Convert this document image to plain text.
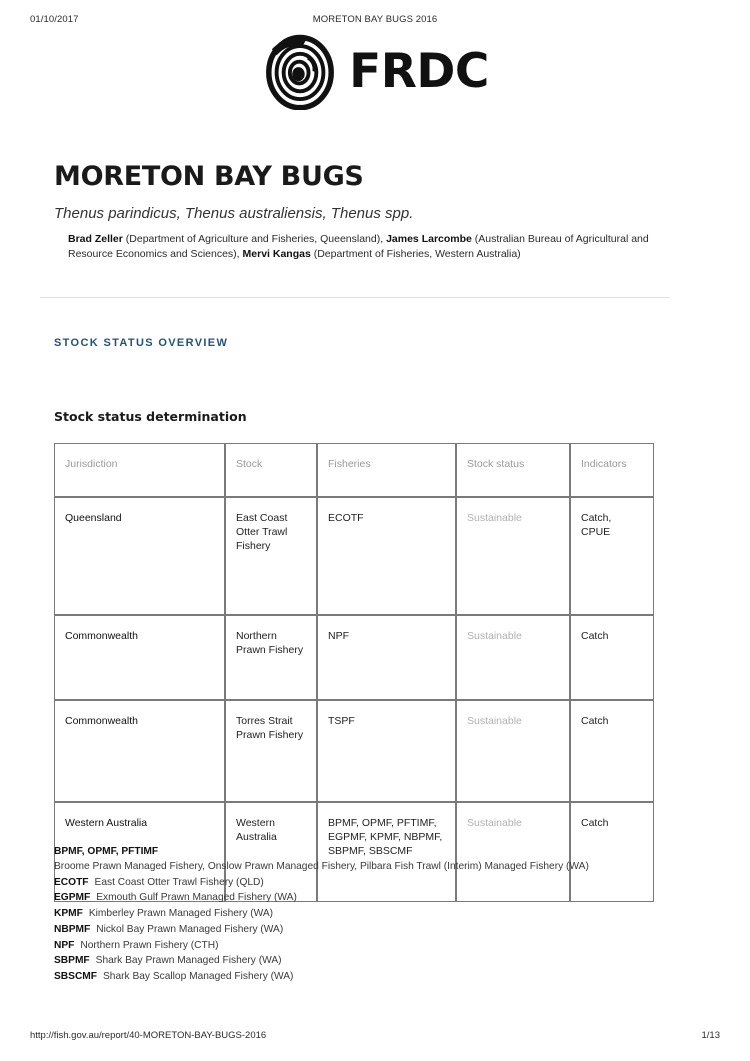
01/10/2017	MORETON BAY BUGS 2016
FRDC
MORETON BAY BUGS
Thenus parindicus, Thenus australiensis, Thenus spp.
Brad Zeller (Department of Agriculture and Fisheries, Queensland), James Larcombe (Australian Bureau of Agricultural and Resource Economics and Sciences), Mervi Kangas (Department of Fisheries, Western Australia)
STOCK STATUS OVERVIEW
Stock status determination
Jurisdiction	Stock	Fisheries	Stock status	Indicators
Queensland	East Coast Otter Trawl Fishery	ECOTF	Sustainable	Catch, CPUE
Commonwealth	Northern Prawn Fishery	NPF	Sustainable	Catch
Commonwealth	Torres Strait Prawn Fishery	TSPF	Sustainable	Catch
Western Australia	Western Australia	BPMF, OPMF, PFTIMF, EGPMF, KPMF, NBPMF, SBPMF, SBSCMF	Sustainable	Catch
BPMF, OPMF, PFTIMF
Broome Prawn Managed Fishery, Onslow Prawn Managed Fishery, Pilbara Fish Trawl (Interim) Managed Fishery (WA)
ECOTF East Coast Otter Trawl Fishery (QLD)
EGPMF Exmouth Gulf Prawn Managed Fishery (WA)
KPMF Kimberley Prawn Managed Fishery (WA)
NBPMF Nickol Bay Prawn Managed Fishery (WA)
NPF Northern Prawn Fishery (CTH)
SBPMF Shark Bay Prawn Managed Fishery (WA)
SBSCMF Shark Bay Scallop Managed Fishery (WA)
http://fish.gov.au/report/40-MORETON-BAY-BUGS-2016	1/13
